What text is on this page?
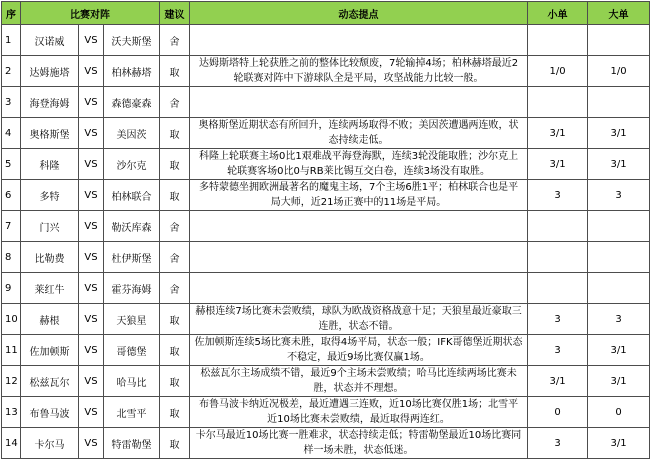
序	比赛对阵			建议	动态提点	小单	大单
1	汉诺威	VS	沃夫斯堡	舍			
2	达姆施塔	VS	柏林赫塔	取	达姆斯塔特上轮获胜之前的整体比较颓废，7轮输掉4场；柏林赫塔最近2轮联赛对阵中下游球队全是平局，攻坚战能力比较一般。	1/0	1/0
3	海登海姆	VS	森德豪森	舍			
4	奥格斯堡	VS	美因茨	取	奥格斯堡近期状态有所回升，连续两场取得不败；美因茨遭遇两连败，状态持续走低。	3/1	3/1
5	科隆	VS	沙尔克	取	科隆上轮联赛主场0比1艰难战平海登海默，连续3轮没能取胜；沙尔克上轮联赛客场0比0与RB莱比锡互交白卷，连续3场没有取胜。	3/1	3/1
6	多特	VS	柏林联合	取	多特蒙德坐拥欧洲最著名的魔鬼主场，7个主场6胜1平；柏林联合也是平局大师，近21场正赛中的11场是平局。	3	3
7	门兴	VS	勒沃库森	舍			
8	比勒费	VS	杜伊斯堡	舍			
9	莱红牛	VS	霍芬海姆	舍			
10	赫根	VS	天狼星	取	赫根连续7场比赛未尝败绩，球队为欧战资格战意十足；天狼星最近豪取三连胜，状态不错。	3	3
11	佐加顿斯	VS	哥德堡	取	佐加顿斯连续5场比赛未胜，取得4场平局，状态一般；IFK哥德堡近期状态不稳定，最近9场比赛仅赢1场。	3	3/1
12	松兹瓦尔	VS	哈马比	取	松兹瓦尔主场成绩不错，最近9个主场未尝败绩；哈马比连续两场比赛未胜，状态并不理想。	3/1	3/1
13	布鲁马波	VS	北雪平	取	布鲁马波卡纳近况极差，最近遭遇三连败，近10场比赛仅胜1场；北雪平近10场比赛未尝败绩，最近取得两连红。	0	0
14	卡尔马	VS	特雷勒堡	取	卡尔马最近10场比赛一胜难求，状态持续走低；特雷勒堡最近10场比赛同样一场未胜，状态低迷。	3	3/1
